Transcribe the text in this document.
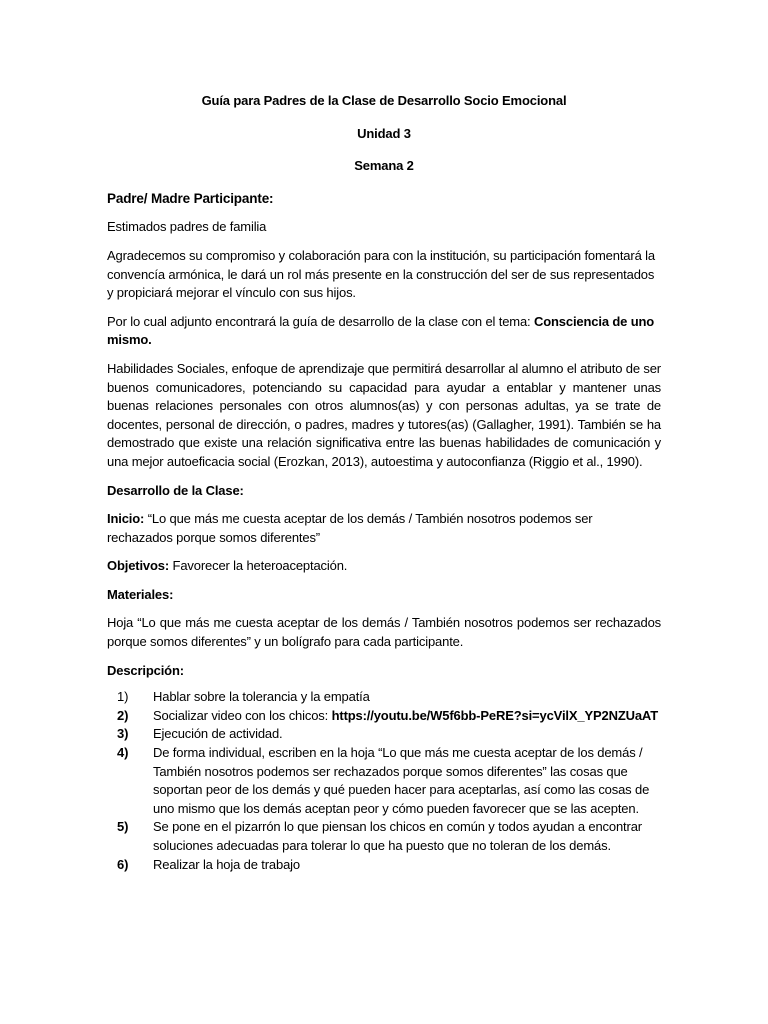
Guía para Padres de la Clase de Desarrollo Socio Emocional

Unidad 3

Semana 2

Padre/ Madre Participante:

Estimados padres de familia

Agradecemos su compromiso y colaboración para con la institución, su participación fomentará la convencía armónica, le dará un rol más presente en la construcción del ser de sus representados y propiciará mejorar el vínculo con sus hijos.

Por lo cual adjunto encontrará la guía de desarrollo de la clase con el tema: Consciencia de uno mismo.

Habilidades Sociales, enfoque de aprendizaje que permitirá desarrollar al alumno el atributo de ser buenos comunicadores, potenciando su capacidad para ayudar a entablar y mantener unas buenas relaciones personales con otros alumnos(as) y con personas adultas, ya se trate de docentes, personal de dirección, o padres, madres y tutores(as) (Gallagher, 1991). También se ha demostrado que existe una relación significativa entre las buenas habilidades de comunicación y una mejor autoeficacia social (Erozkan, 2013), autoestima y autoconfianza (Riggio et al., 1990).

Desarrollo de la Clase:

Inicio: “Lo que más me cuesta aceptar de los demás / También nosotros podemos ser rechazados porque somos diferentes”

Objetivos: Favorecer la heteroaceptación.

Materiales:

Hoja “Lo que más me cuesta aceptar de los demás / También nosotros podemos ser rechazados porque somos diferentes” y un bolígrafo para cada participante.

Descripción:

1) Hablar sobre la tolerancia y la empatía
2) Socializar video con los chicos: https://youtu.be/W5f6bb-PeRE?si=ycVilX_YP2NZUaAT
3) Ejecución de actividad.
4) De forma individual, escriben en la hoja “Lo que más me cuesta aceptar de los demás / También nosotros podemos ser rechazados porque somos diferentes” las cosas que soportan peor de los demás y qué pueden hacer para aceptarlas, así como las cosas de uno mismo que los demás aceptan peor y cómo pueden favorecer que se las acepten.
5) Se pone en el pizarrón lo que piensan los chicos en común y todos ayudan a encontrar soluciones adecuadas para tolerar lo que ha puesto que no toleran de los demás.
6) Realizar la hoja de trabajo
